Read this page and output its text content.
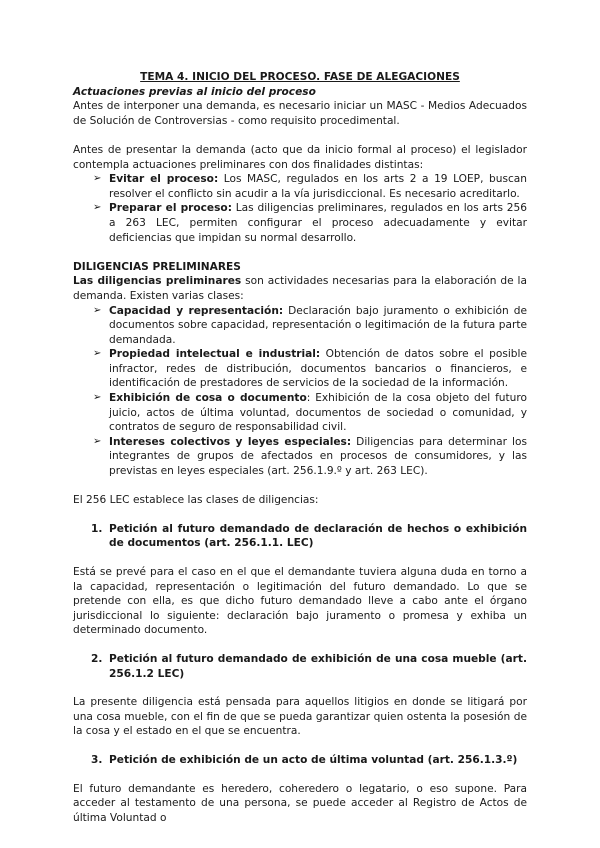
TEMA 4. INICIO DEL PROCESO. FASE DE ALEGACIONES

Actuaciones previas al inicio del proceso

Antes de interponer una demanda, es necesario iniciar un MASC - Medios Adecuados de Solución de Controversias - como requisito procedimental.

Antes de presentar la demanda (acto que da inicio formal al proceso) el legislador contempla actuaciones preliminares con dos finalidades distintas:

➢ Evitar el proceso: Los MASC, regulados en los arts 2 a 19 LOEP, buscan resolver el conflicto sin acudir a la vía jurisdiccional. Es necesario acreditarlo.
➢ Preparar el proceso: Las diligencias preliminares, regulados en los arts 256 a 263 LEC, permiten configurar el proceso adecuadamente y evitar deficiencias que impidan su normal desarrollo.

DILIGENCIAS PRELIMINARES

Las diligencias preliminares son actividades necesarias para la elaboración de la demanda. Existen varias clases:

➢ Capacidad y representación: Declaración bajo juramento o exhibición de documentos sobre capacidad, representación o legitimación de la futura parte demandada.
➢ Propiedad intelectual e industrial: Obtención de datos sobre el posible infractor, redes de distribución, documentos bancarios o financieros, e identificación de prestadores de servicios de la sociedad de la información.
➢ Exhibición de cosa o documento: Exhibición de la cosa objeto del futuro juicio, actos de última voluntad, documentos de sociedad o comunidad, y contratos de seguro de responsabilidad civil.
➢ Intereses colectivos y leyes especiales: Diligencias para determinar los integrantes de grupos de afectados en procesos de consumidores, y las previstas en leyes especiales (art. 256.1.9.º y art. 263 LEC).

El 256 LEC establece las clases de diligencias:

1. Petición al futuro demandado de declaración de hechos o exhibición de documentos (art. 256.1.1. LEC)

Está se prevé para el caso en el que el demandante tuviera alguna duda en torno a la capacidad, representación o legitimación del futuro demandado. Lo que se pretende con ella, es que dicho futuro demandado lleve a cabo ante el órgano jurisdiccional lo siguiente: declaración bajo juramento o promesa y exhiba un determinado documento.

2. Petición al futuro demandado de exhibición de una cosa mueble (art. 256.1.2 LEC)

La presente diligencia está pensada para aquellos litigios en donde se litigará por una cosa mueble, con el fin de que se pueda garantizar quien ostenta la posesión de la cosa y el estado en el que se encuentra.

3. Petición de exhibición de un acto de última voluntad (art. 256.1.3.º)

El futuro demandante es heredero, coheredero o legatario, o eso supone. Para acceder al testamento de una persona, se puede acceder al Registro de Actos de última Voluntad o
